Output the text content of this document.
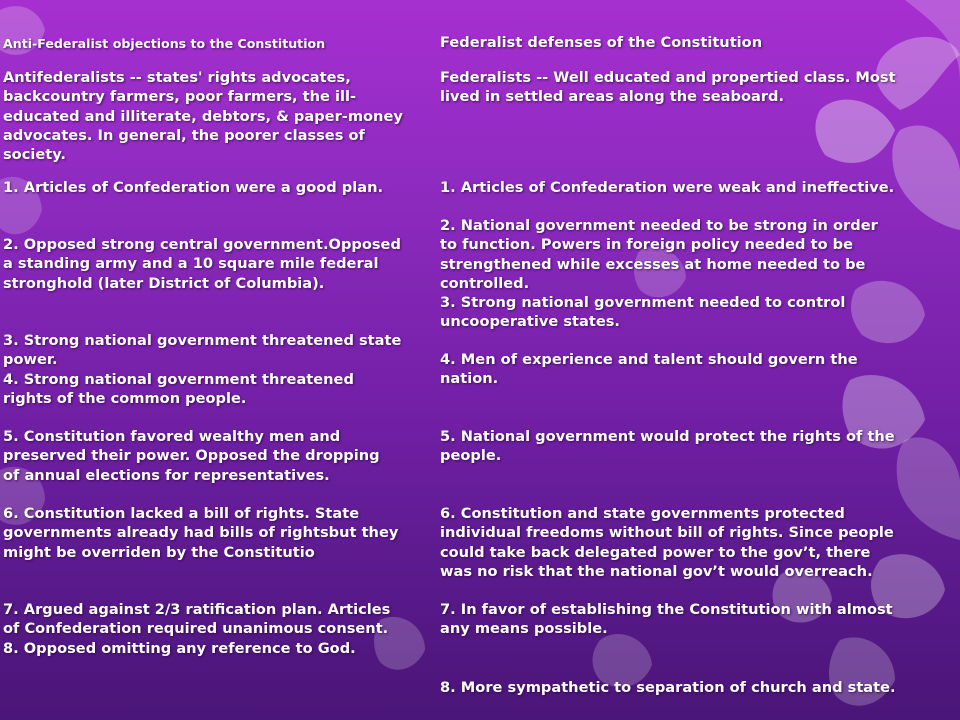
Anti-Federalist objections to the Constitution	Federalist defenses of the Constitution
Antifederalists -- states' rights advocates,
backcountry farmers, poor farmers, the ill-
educated and illiterate, debtors, & paper-money
advocates. In general, the poorer classes of
society.
Federalists -- Well educated and propertied class. Most
lived in settled areas along the seaboard.
1. Articles of Confederation were a good plan.
2. Opposed strong central government.Opposed
a standing army and a 10 square mile federal
stronghold (later District of Columbia).
3. Strong national government threatened state
power.
4. Strong national government threatened
rights of the common people.
5. Constitution favored wealthy men and
preserved their power. Opposed the dropping
of annual elections for representatives.
6. Constitution lacked a bill of rights. State
governments already had bills of rightsbut they
might be overriden by the Constitutio
7. Argued against 2/3 ratification plan. Articles
of Confederation required unanimous consent.
8. Opposed omitting any reference to God.
1. Articles of Confederation were weak and ineffective.
2. National government needed to be strong in order
to function. Powers in foreign policy needed to be
strengthened while excesses at home needed to be
controlled.
3. Strong national government needed to control
uncooperative states.
4. Men of experience and talent should govern the
nation.
5. National government would protect the rights of the
people.
6. Constitution and state governments protected
individual freedoms without bill of rights. Since people
could take back delegated power to the gov’t, there
was no risk that the national gov’t would overreach.
7. In favor of establishing the Constitution with almost
any means possible.
8. More sympathetic to separation of church and state.
